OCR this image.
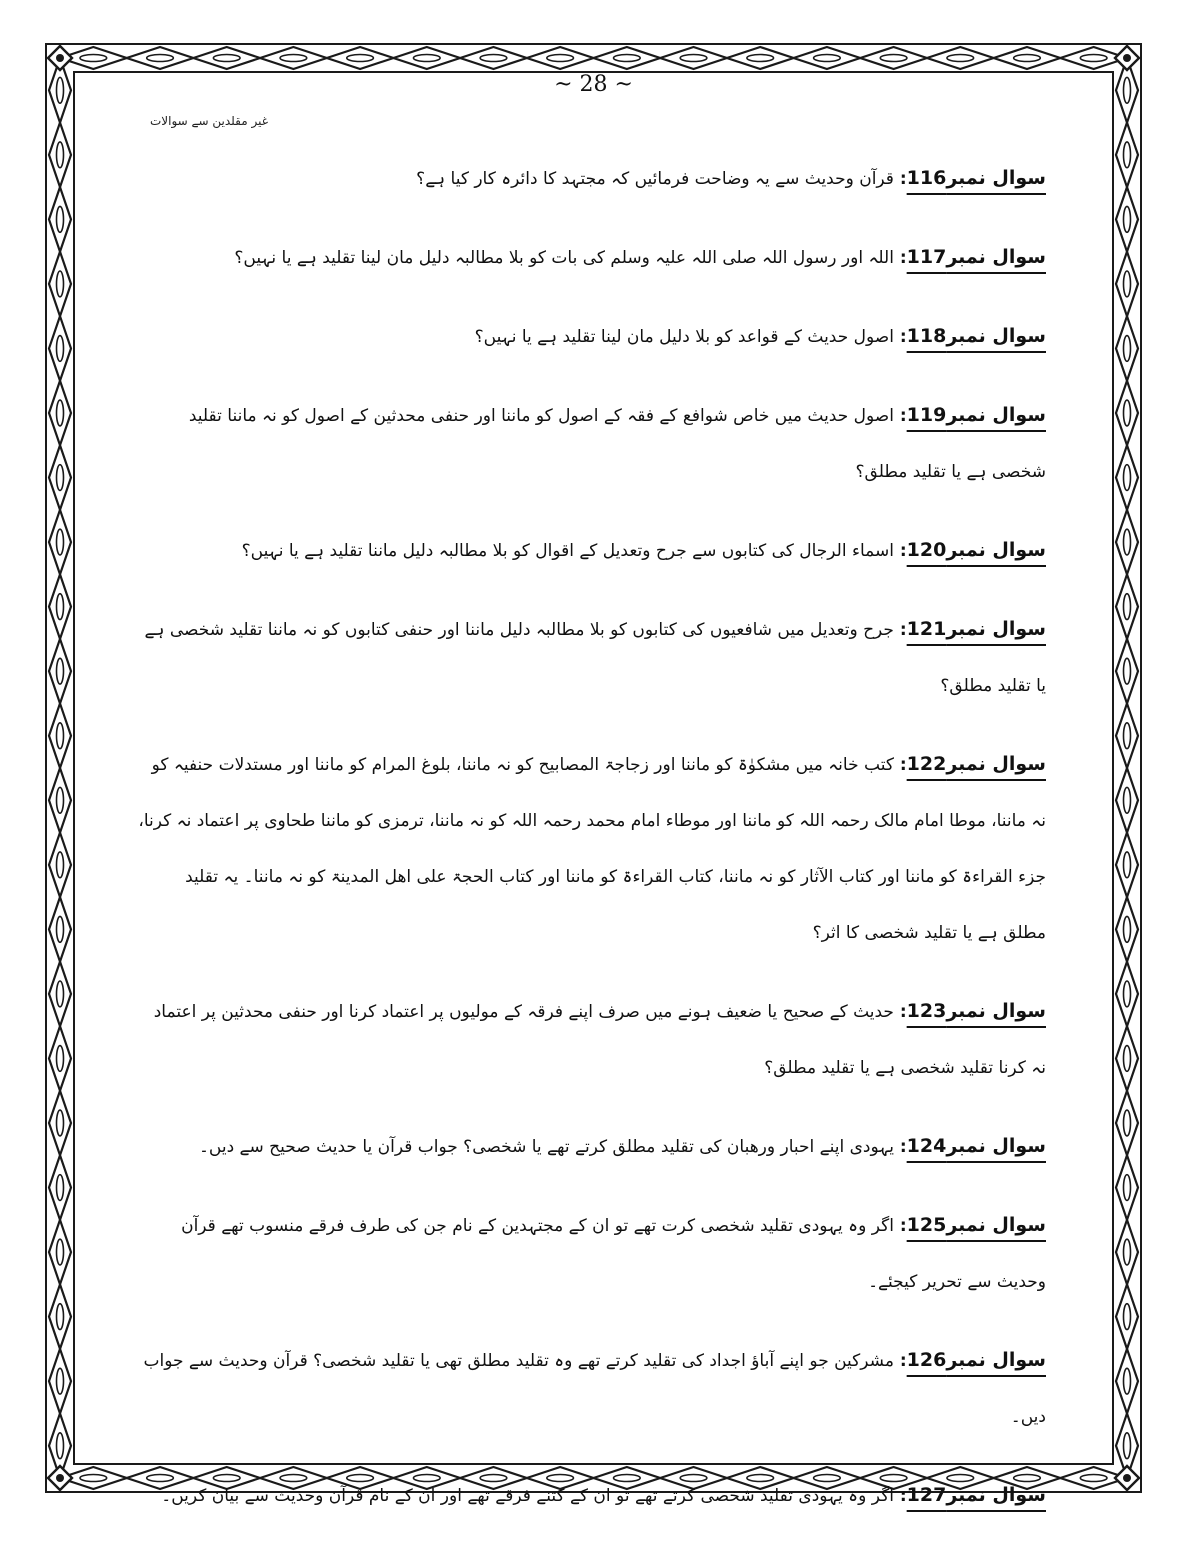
~ 28 ~
غیر مقلدین سے سوالات

سوال نمبر116: قرآن وحدیث سے یہ وضاحت فرمائیں کہ مجتہد کا دائرہ کار کیا ہے؟

سوال نمبر117: اللہ اور رسول اللہ صلی اللہ علیہ وسلم کی بات کو بلا مطالبہ دلیل مان لینا تقلید ہے یا نہیں؟

سوال نمبر118: اصول حدیث کے قواعد کو بلا دلیل مان لینا تقلید ہے یا نہیں؟

سوال نمبر119: اصول حدیث میں خاص شوافع کے فقہ کے اصول کو ماننا اور حنفی محدثین کے اصول کو نہ ماننا تقلید شخصی ہے یا تقلید مطلق؟

سوال نمبر120: اسماء الرجال کی کتابوں سے جرح وتعدیل کے اقوال کو بلا مطالبہ دلیل ماننا تقلید ہے یا نہیں؟

سوال نمبر121: جرح وتعدیل میں شافعیوں کی کتابوں کو بلا مطالبہ دلیل ماننا اور حنفی کتابوں کو نہ ماننا تقلید شخصی ہے یا تقلید مطلق؟

سوال نمبر122: کتب خانہ میں مشکوٰۃ کو ماننا اور زجاجۃ المصابیح کو نہ ماننا، بلوغ المرام کو ماننا اور مستدلات حنفیہ کو نہ ماننا، موطا امام مالک رحمہ اللہ کو ماننا اور موطاء امام محمد رحمہ اللہ کو نہ ماننا، ترمزی کو ماننا طحاوی پر اعتماد نہ کرنا، جزء القراءۃ کو ماننا اور کتاب الآثار کو نہ ماننا، کتاب القراءۃ کو ماننا اور کتاب الحجۃ علی اھل المدینۃ کو نہ ماننا۔ یہ تقلید مطلق ہے یا تقلید شخصی کا اثر؟

سوال نمبر123: حدیث کے صحیح یا ضعیف ہونے میں صرف اپنے فرقہ کے مولیوں پر اعتماد کرنا اور حنفی محدثین پر اعتماد نہ کرنا تقلید شخصی ہے یا تقلید مطلق؟

سوال نمبر124: یہودی اپنے احبار ورھبان کی تقلید مطلق کرتے تھے یا شخصی؟ جواب قرآن یا حدیث صحیح سے دیں۔

سوال نمبر125: اگر وہ یہودی تقلید شخصی کرت تھے تو ان کے مجتہدین کے نام جن کی طرف فرقے منسوب تھے قرآن وحدیث سے تحریر کیجئے۔

سوال نمبر126: مشرکین جو اپنے آباؤ اجداد کی تقلید کرتے تھے وہ تقلید مطلق تھی یا تقلید شخصی؟ قرآن وحدیث سے جواب دیں۔

سوال نمبر127: اگر وہ یہودی تقلید شخصی کرتے تھے تو ان کے کتنے فرقے تھے اور ان کے نام قرآن وحدیث سے بیان کریں۔
